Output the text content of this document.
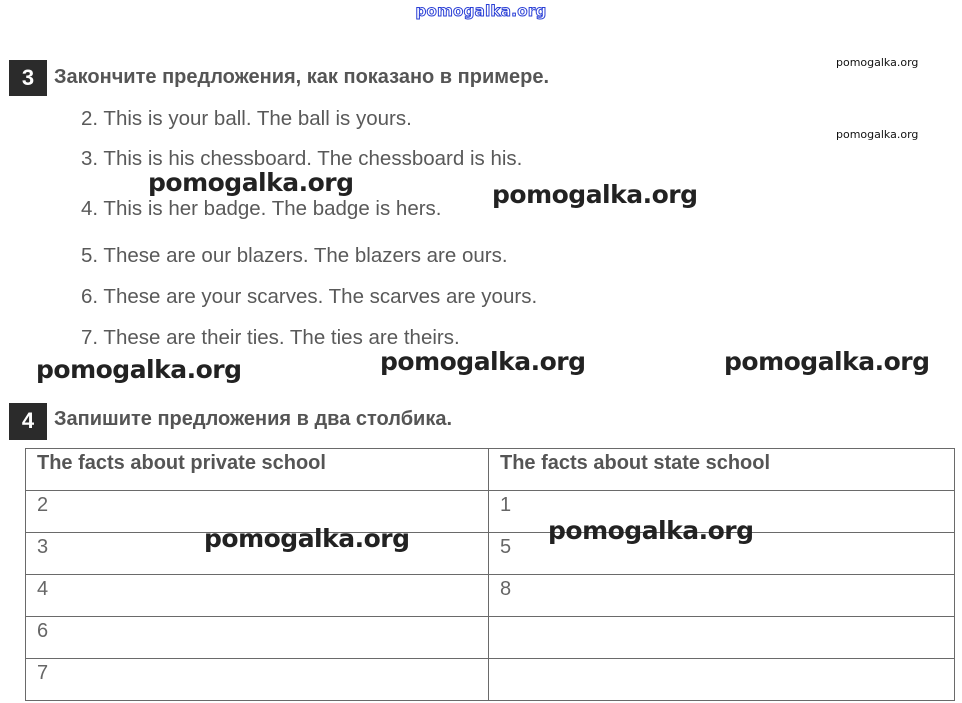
pomogalka.org
pomogalka.org
pomogalka.org
3 Закончите предложения, как показано в примере.
2. This is your ball. The ball is yours.
3. This is his chessboard. The chessboard is his.
4. This is her badge. The badge is hers.
5. These are our blazers. The blazers are ours.
6. These are your scarves. The scarves are yours.
7. These are their ties. The ties are theirs.
4 Запишите предложения в два столбика.
The facts about private school	The facts about state school
2	1
3	5
4	8
6	
7	
pomogalka.org	pomogalka.org
pomogalka.org	pomogalka.org	pomogalka.org
pomogalka.org	pomogalka.org
